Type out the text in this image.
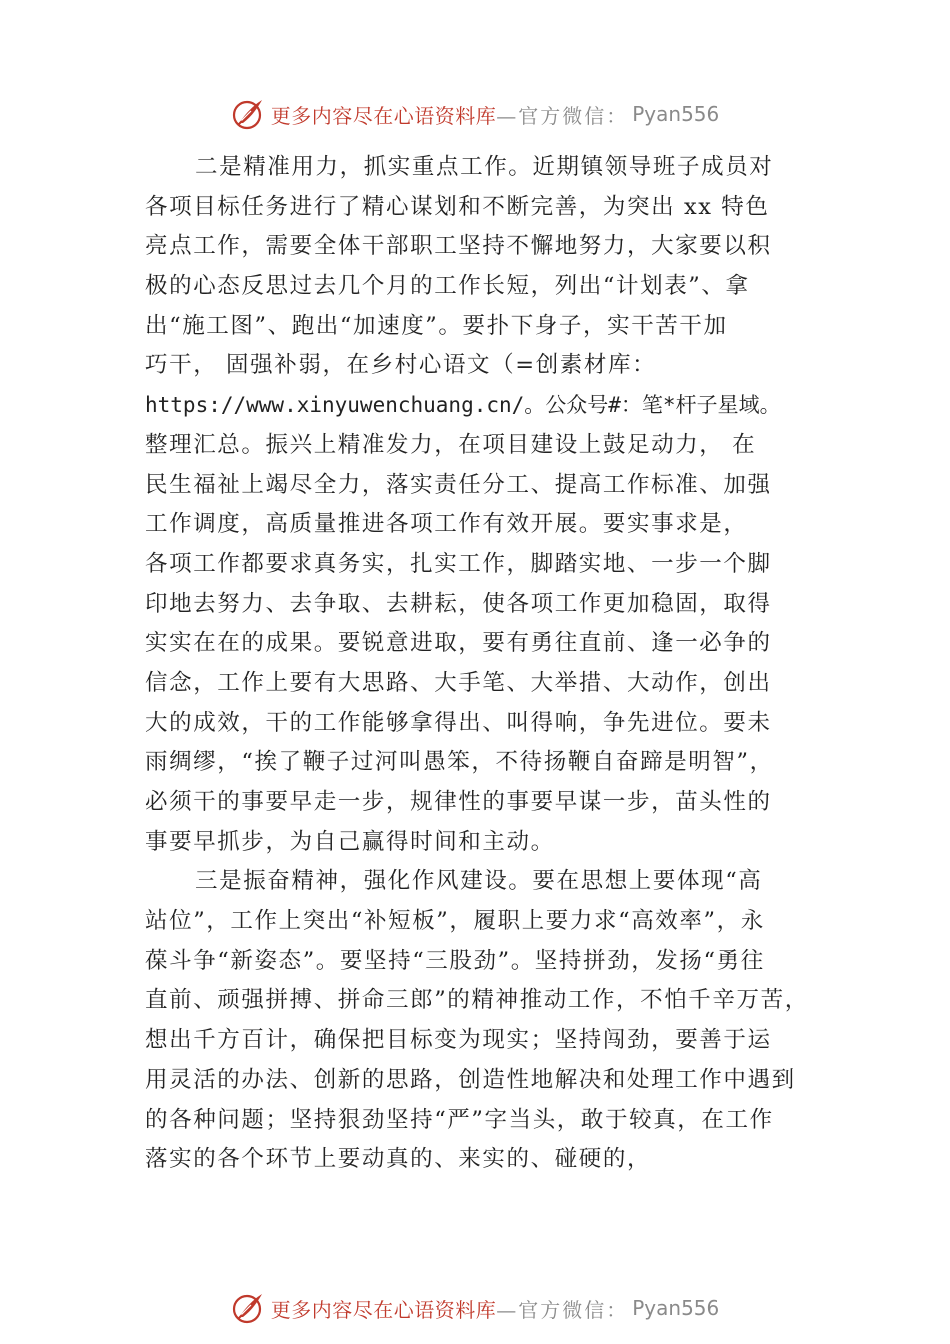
更多内容尽在心语资料库 —官方微信： Pyan556
二是精准用力，抓实重点工作。近期镇领导班子成员对
各项目标任务进行了精心谋划和不断完善，为突出 xx 特色
亮点工作，需要全体干部职工坚持不懈地努力，大家要以积
极的心态反思过去几个月的工作长短，列出“计划表”、拿
出“施工图”、跑出“加速度”。要扑下身子，实干苦干加
巧干， 固强补弱，在乡村心语文（=创素材库：
https://www.xinyuwenchuang.cn/。公众号#：笔*杆子星域。
整理汇总。振兴上精准发力，在项目建设上鼓足动力， 在
民生福祉上竭尽全力，落实责任分工、提高工作标准、加强
工作调度，高质量推进各项工作有效开展。要实事求是，
各项工作都要求真务实，扎实工作，脚踏实地、一步一个脚
印地去努力、去争取、去耕耘，使各项工作更加稳固，取得
实实在在的成果。要锐意进取，要有勇往直前、逢一必争的
信念，工作上要有大思路、大手笔、大举措、大动作，创出
大的成效，干的工作能够拿得出、叫得响，争先进位。要未
雨绸缪，“挨了鞭子过河叫愚笨，不待扬鞭自奋蹄是明智”，
必须干的事要早走一步，规律性的事要早谋一步，苗头性的
事要早抓步，为自己赢得时间和主动。
三是振奋精神，强化作风建设。要在思想上要体现“高
站位”，工作上突出“补短板”，履职上要力求“高效率”，永
葆斗争“新姿态”。要坚持“三股劲”。坚持拼劲，发扬“勇往
直前、顽强拼搏、拼命三郎”的精神推动工作，不怕千辛万苦，
想出千方百计，确保把目标变为现实；坚持闯劲，要善于运
用灵活的办法、创新的思路，创造性地解决和处理工作中遇到
的各种问题；坚持狠劲坚持“严”字当头，敢于较真，在工作
落实的各个环节上要动真的、来实的、碰硬的，
更多内容尽在心语资料库 —官方微信： Pyan556
